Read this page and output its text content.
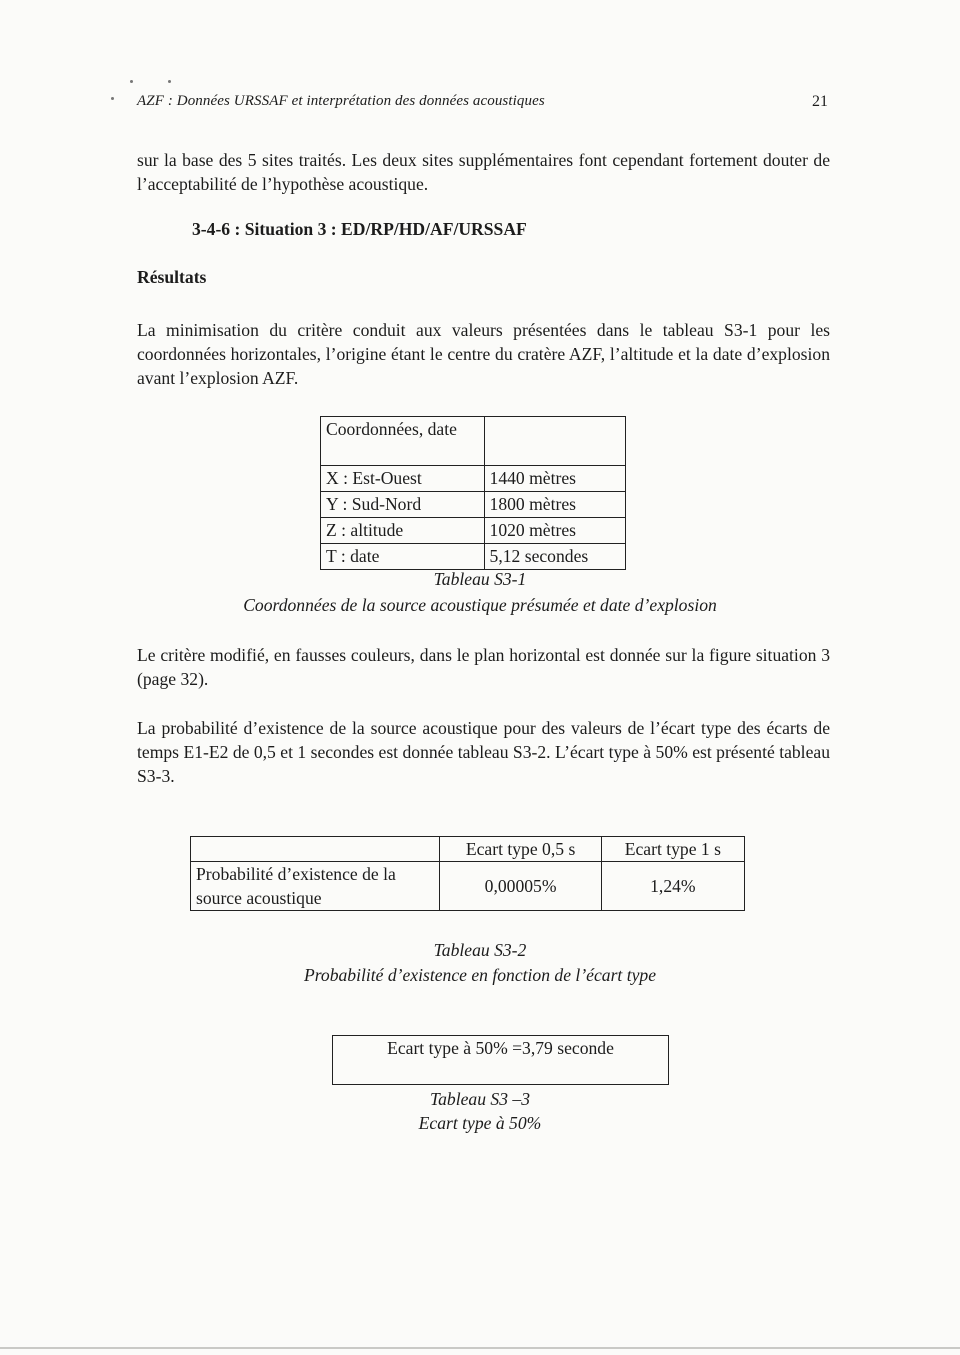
AZF : Données URSSAF et interprétation des données acoustiques	21
sur la base des 5 sites traités. Les deux sites supplémentaires font cependant fortement douter de l’acceptabilité de l’hypothèse acoustique.
3-4-6 : Situation 3 : ED/RP/HD/AF/URSSAF
Résultats
La minimisation du critère conduit aux valeurs présentées dans le tableau S3-1 pour les coordonnées horizontales, l’origine étant le centre du cratère AZF, l’altitude et la date d’explosion avant l’explosion AZF.
Coordonnées, date	
X : Est-Ouest	1440 mètres
Y : Sud-Nord	1800 mètres
Z : altitude	1020 mètres
T : date	5,12 secondes
Tableau S3-1
Coordonnées de la source acoustique présumée et date d’explosion
Le critère modifié, en fausses couleurs, dans le plan horizontal est donnée sur la figure situation 3 (page 32).
La probabilité d’existence de la source acoustique pour des valeurs de l’écart type des écarts de temps E1-E2 de 0,5 et 1 secondes est donnée tableau S3-2. L’écart type à 50% est présenté tableau S3-3.
	Ecart type 0,5 s	Ecart type 1 s
Probabilité d’existence de la source acoustique	0,00005%	1,24%
Tableau S3-2
Probabilité d’existence en fonction de l’écart type
Ecart type à 50% =3,79 seconde
Tableau S3 –3
Ecart type à 50%
